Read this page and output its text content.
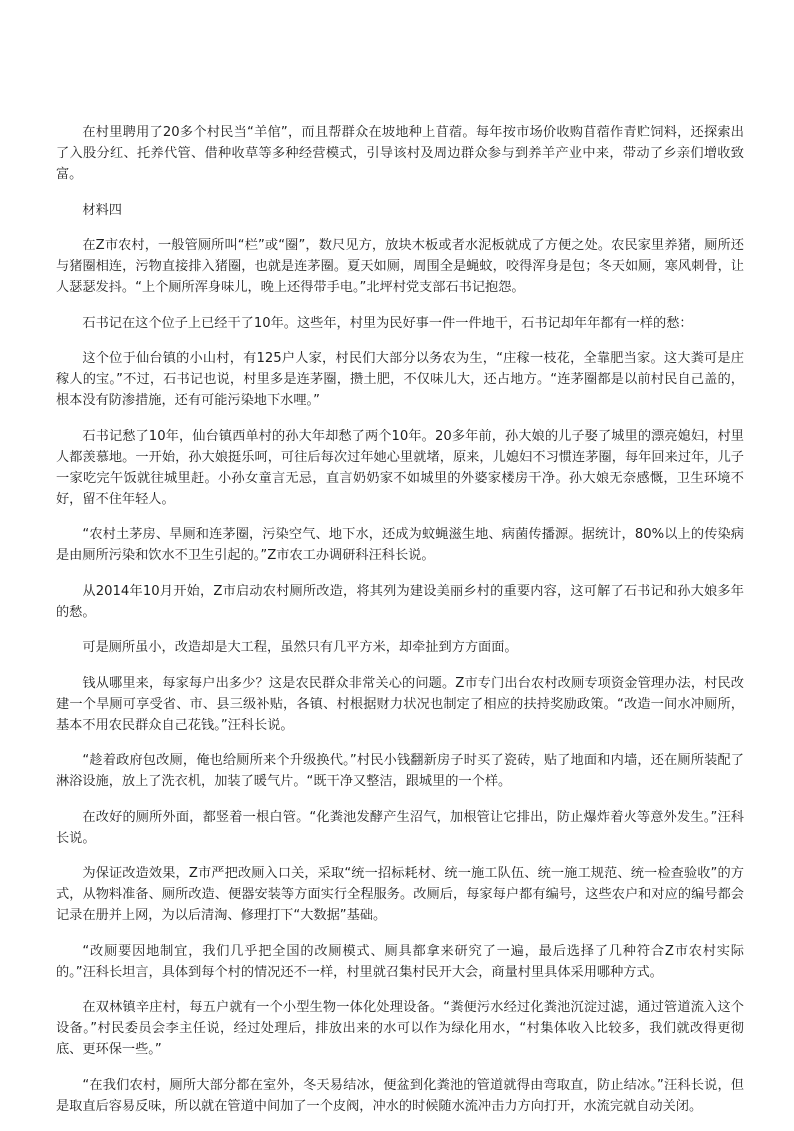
在村里聘用了20多个村民当“羊倌”，而且帮群众在坡地种上苜蓿。每年按市场价收购苜蓿作青贮饲料，还探索出了入股分红、托养代管、借种收草等多种经营模式，引导该村及周边群众参与到养羊产业中来，带动了乡亲们增收致富。

材料四

在Z市农村，一般管厕所叫“栏”或“圈”，数尺见方，放块木板或者水泥板就成了方便之处。农民家里养猪，厕所还与猪圈相连，污物直接排入猪圈，也就是连茅圈。夏天如厕，周围全是蝇蚊，咬得浑身是包；冬天如厕，寒风刺骨，让人瑟瑟发抖。“上个厕所浑身味儿，晚上还得带手电。”北坪村党支部石书记抱怨。

石书记在这个位子上已经干了10年。这些年，村里为民好事一件一件地干，石书记却年年都有一样的愁：

这个位于仙台镇的小山村，有125户人家，村民们大部分以务农为生，“庄稼一枝花，全靠肥当家。这大粪可是庄稼人的宝。”不过，石书记也说，村里多是连茅圈，攒土肥，不仅味儿大，还占地方。“连茅圈都是以前村民自己盖的，根本没有防渗措施，还有可能污染地下水哩。”

石书记愁了10年，仙台镇西单村的孙大年却愁了两个10年。20多年前，孙大娘的儿子娶了城里的漂亮媳妇，村里人都羡慕地。一开始，孙大娘挺乐呵，可往后每次过年她心里就堵，原来，儿媳妇不习惯连茅圈，每年回来过年，儿子一家吃完午饭就往城里赶。小孙女童言无忌，直言奶奶家不如城里的外婆家楼房干净。孙大娘无奈感慨，卫生环境不好，留不住年轻人。

“农村土茅房、旱厕和连茅圈，污染空气、地下水，还成为蚊蝇滋生地、病菌传播源。据统计，80%以上的传染病是由厕所污染和饮水不卫生引起的。”Z市农工办调研科汪科长说。

从2014年10月开始，Z市启动农村厕所改造，将其列为建设美丽乡村的重要内容，这可解了石书记和孙大娘多年的愁。

可是厕所虽小，改造却是大工程，虽然只有几平方米，却牵扯到方方面面。

钱从哪里来，每家每户出多少？这是农民群众非常关心的问题。Z市专门出台农村改厕专项资金管理办法，村民改建一个旱厕可享受省、市、县三级补贴，各镇、村根据财力状况也制定了相应的扶持奖励政策。“改造一间水冲厕所，基本不用农民群众自己花钱。”汪科长说。

“趁着政府包改厕，俺也给厕所来个升级换代。”村民小钱翻新房子时买了瓷砖，贴了地面和内墙，还在厕所装配了淋浴设施，放上了洗衣机，加装了暖气片。“既干净又整洁，跟城里的一个样。

在改好的厕所外面，都竖着一根白管。“化粪池发酵产生沼气，加根管让它排出，防止爆炸着火等意外发生。”汪科长说。

为保证改造效果，Z市严把改厕入口关，采取“统一招标耗材、统一施工队伍、统一施工规范、统一检查验收”的方式，从物料准备、厕所改造、便器安装等方面实行全程服务。改厕后，每家每户都有编号，这些农户和对应的编号都会记录在册并上网，为以后清淘、修理打下“大数据”基础。

“改厕要因地制宜，我们几乎把全国的改厕模式、厕具都拿来研究了一遍，最后选择了几种符合Z市农村实际的。”汪科长坦言，具体到每个村的情况还不一样，村里就召集村民开大会，商量村里具体采用哪种方式。

在双林镇辛庄村，每五户就有一个小型生物一体化处理设备。“粪便污水经过化粪池沉淀过滤，通过管道流入这个设备。”村民委员会李主任说，经过处理后，排放出来的水可以作为绿化用水，“村集体收入比较多，我们就改得更彻底、更环保一些。”

“在我们农村，厕所大部分都在室外，冬天易结冰，便盆到化粪池的管道就得由弯取直，防止结冰。”汪科长说，但是取直后容易反味，所以就在管道中间加了一个皮阀，冲水的时候随水流冲击力方向打开，水流完就自动关闭。
